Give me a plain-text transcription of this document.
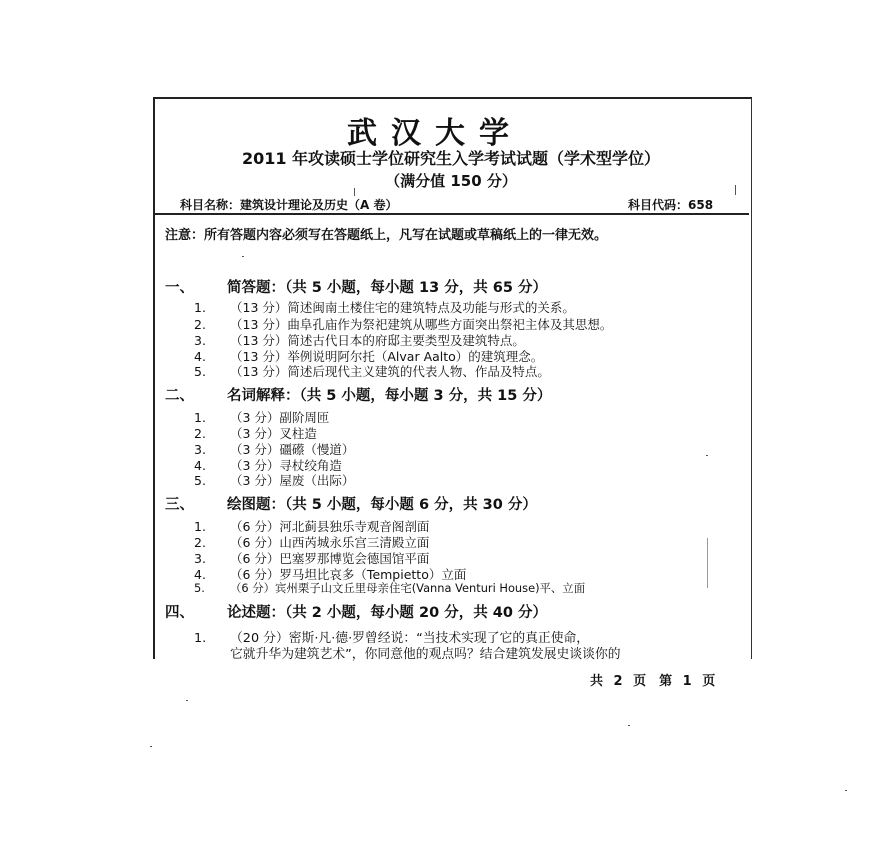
武汉大学
2011 年攻读硕士学位研究生入学考试试题（学术型学位）
（满分值 150 分）
科目名称：建筑设计理论及历史（A 卷）	科目代码：658
注意：所有答题内容必须写在答题纸上，凡写在试题或草稿纸上的一律无效。
一、 简答题：（共 5 小题，每小题 13 分，共 65 分）
1. （13 分）简述闽南土楼住宅的建筑特点及功能与形式的关系。
2. （13 分）曲阜孔庙作为祭祀建筑从哪些方面突出祭祀主体及其思想。
3. （13 分）简述古代日本的府邸主要类型及建筑特点。
4. （13 分）举例说明阿尔托（Alvar Aalto）的建筑理念。
5. （13 分）简述后现代主义建筑的代表人物、作品及特点。
二、 名词解释：（共 5 小题，每小题 3 分，共 15 分）
1. （3 分）副阶周匝
2. （3 分）叉柱造
3. （3 分）礓礤（慢道）
4. （3 分）寻杖绞角造
5. （3 分）屋废（出际）
三、 绘图题：（共 5 小题，每小题 6 分，共 30 分）
1. （6 分）河北蓟县独乐寺观音阁剖面
2. （6 分）山西芮城永乐宫三清殿立面
3. （6 分）巴塞罗那博览会德国馆平面
4. （6 分）罗马坦比哀多（Tempietto）立面
5. （6 分）宾州栗子山文丘里母亲住宅(Vanna Venturi House)平、立面
四、 论述题：（共 2 小题，每小题 20 分，共 40 分）
1. （20 分）密斯·凡·德·罗曾经说：“当技术实现了它的真正使命，
它就升华为建筑艺术”，你同意他的观点吗？结合建筑发展史谈谈你的
共 2 页　第 1 页
